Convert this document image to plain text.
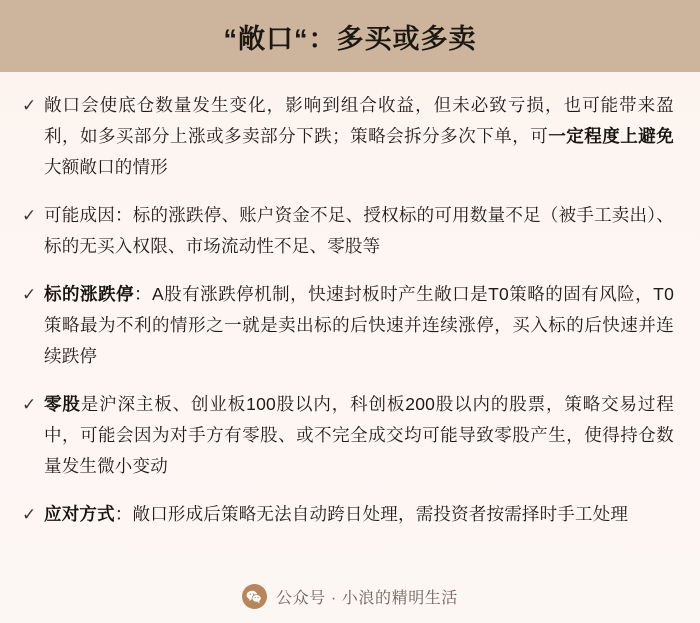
“敞口“：多买或多卖
✓ 敞口会使底仓数量发生变化，影响到组合收益，但未必致亏损，也可能带来盈利，如多买部分上涨或多卖部分下跌；策略会拆分多次下单，可一定程度上避免大额敞口的情形
✓ 可能成因：标的涨跌停、账户资金不足、授权标的可用数量不足（被手工卖出）、标的无买入权限、市场流动性不足、零股等
✓ 标的涨跌停：A股有涨跌停机制，快速封板时产生敞口是T0策略的固有风险，T0策略最为不利的情形之一就是卖出标的后快速并连续涨停，买入标的后快速并连续跌停
✓ 零股是沪深主板、创业板100股以内，科创板200股以内的股票，策略交易过程中，可能会因为对手方有零股、或不完全成交均可能导致零股产生，使得持仓数量发生微小变动
✓ 应对方式：敞口形成后策略无法自动跨日处理，需投资者按需择时手工处理
公众号 · 小浪的精明生活
